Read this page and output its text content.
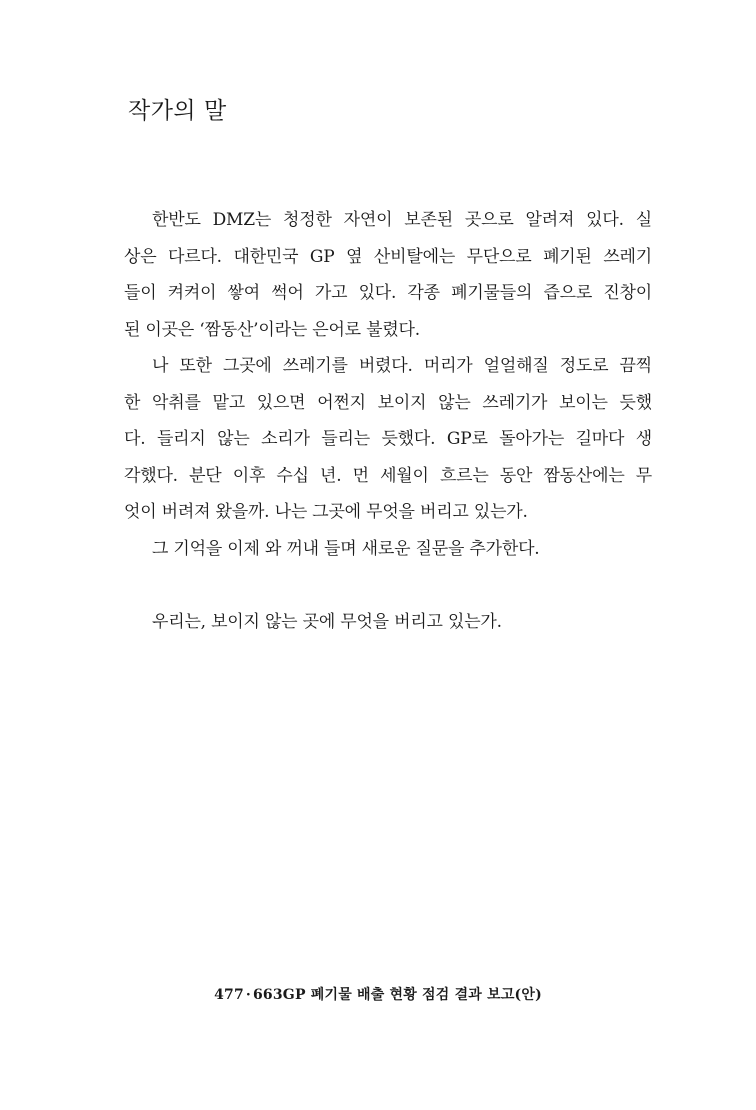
작가의 말
한반도 DMZ는 청정한 자연이 보존된 곳으로 알려져 있다. 실
상은 다르다. 대한민국 GP 옆 산비탈에는 무단으로 폐기된 쓰레기
들이 켜켜이 쌓여 썩어 가고 있다. 각종 폐기물들의 즙으로 진창이
된 이곳은 ‘짬동산’이라는 은어로 불렸다.
나 또한 그곳에 쓰레기를 버렸다. 머리가 얼얼해질 정도로 끔찍
한 악취를 맡고 있으면 어쩐지 보이지 않는 쓰레기가 보이는 듯했
다. 들리지 않는 소리가 들리는 듯했다. GP로 돌아가는 길마다 생
각했다. 분단 이후 수십 년. 먼 세월이 흐르는 동안 짬동산에는 무
엇이 버려져 왔을까. 나는 그곳에 무엇을 버리고 있는가.
그 기억을 이제 와 꺼내 들며 새로운 질문을 추가한다.
우리는, 보이지 않는 곳에 무엇을 버리고 있는가.
477 · 663GP 폐기물 배출 현황 점검 결과 보고(안)
